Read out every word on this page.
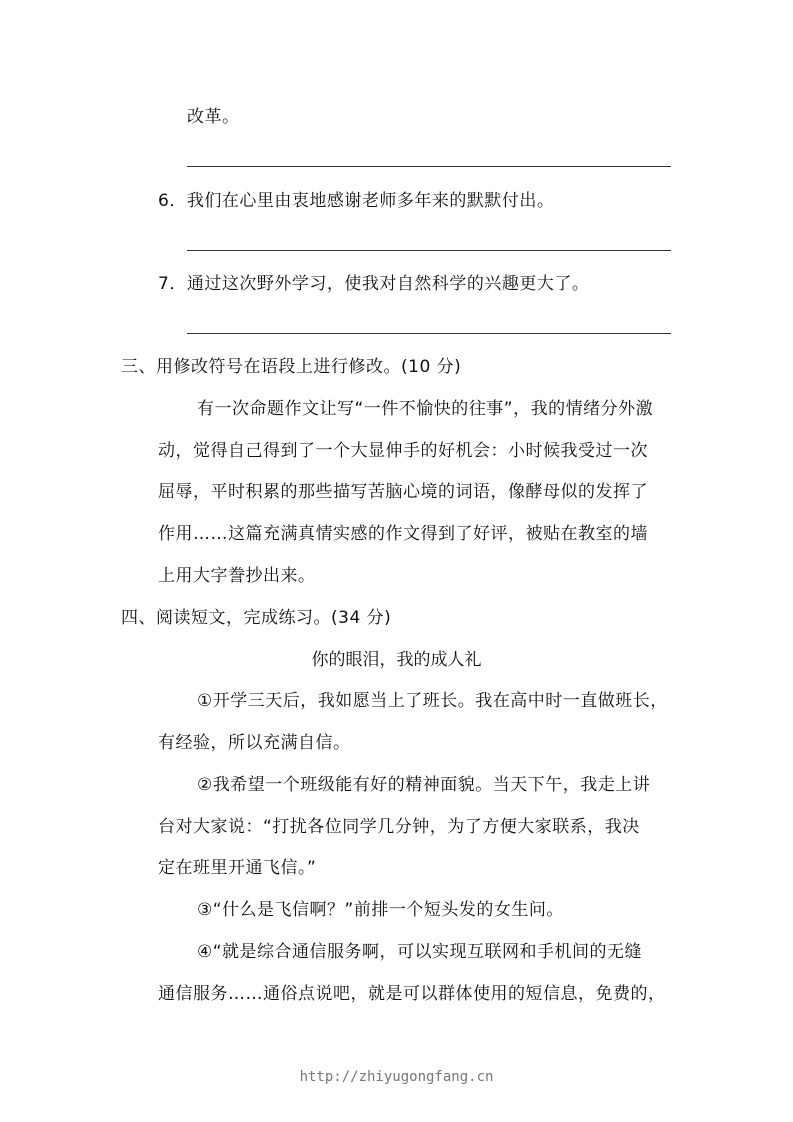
改革。
6．我们在心里由衷地感谢老师多年来的默默付出。
7．通过这次野外学习，使我对自然科学的兴趣更大了。
三、用修改符号在语段上进行修改。(10 分)
有一次命题作文让写“一件不愉快的往事”，我的情绪分外激
动，觉得自己得到了一个大显伸手的好机会：小时候我受过一次
屈辱，平时积累的那些描写苦脑心境的词语，像酵母似的发挥了
作用……这篇充满真情实感的作文得到了好评，被贴在教室的墙
上用大字誊抄出来。
四、阅读短文，完成练习。(34 分)
你的眼泪，我的成人礼
①开学三天后，我如愿当上了班长。我在高中时一直做班长，
有经验，所以充满自信。
②我希望一个班级能有好的精神面貌。当天下午，我走上讲
台对大家说：“打扰各位同学几分钟，为了方便大家联系，我决
定在班里开通飞信。”
③“什么是飞信啊？”前排一个短头发的女生问。
④“就是综合通信服务啊，可以实现互联网和手机间的无缝
通信服务……通俗点说吧，就是可以群体使用的短信息，免费的，
http://zhiyugongfang.cn
